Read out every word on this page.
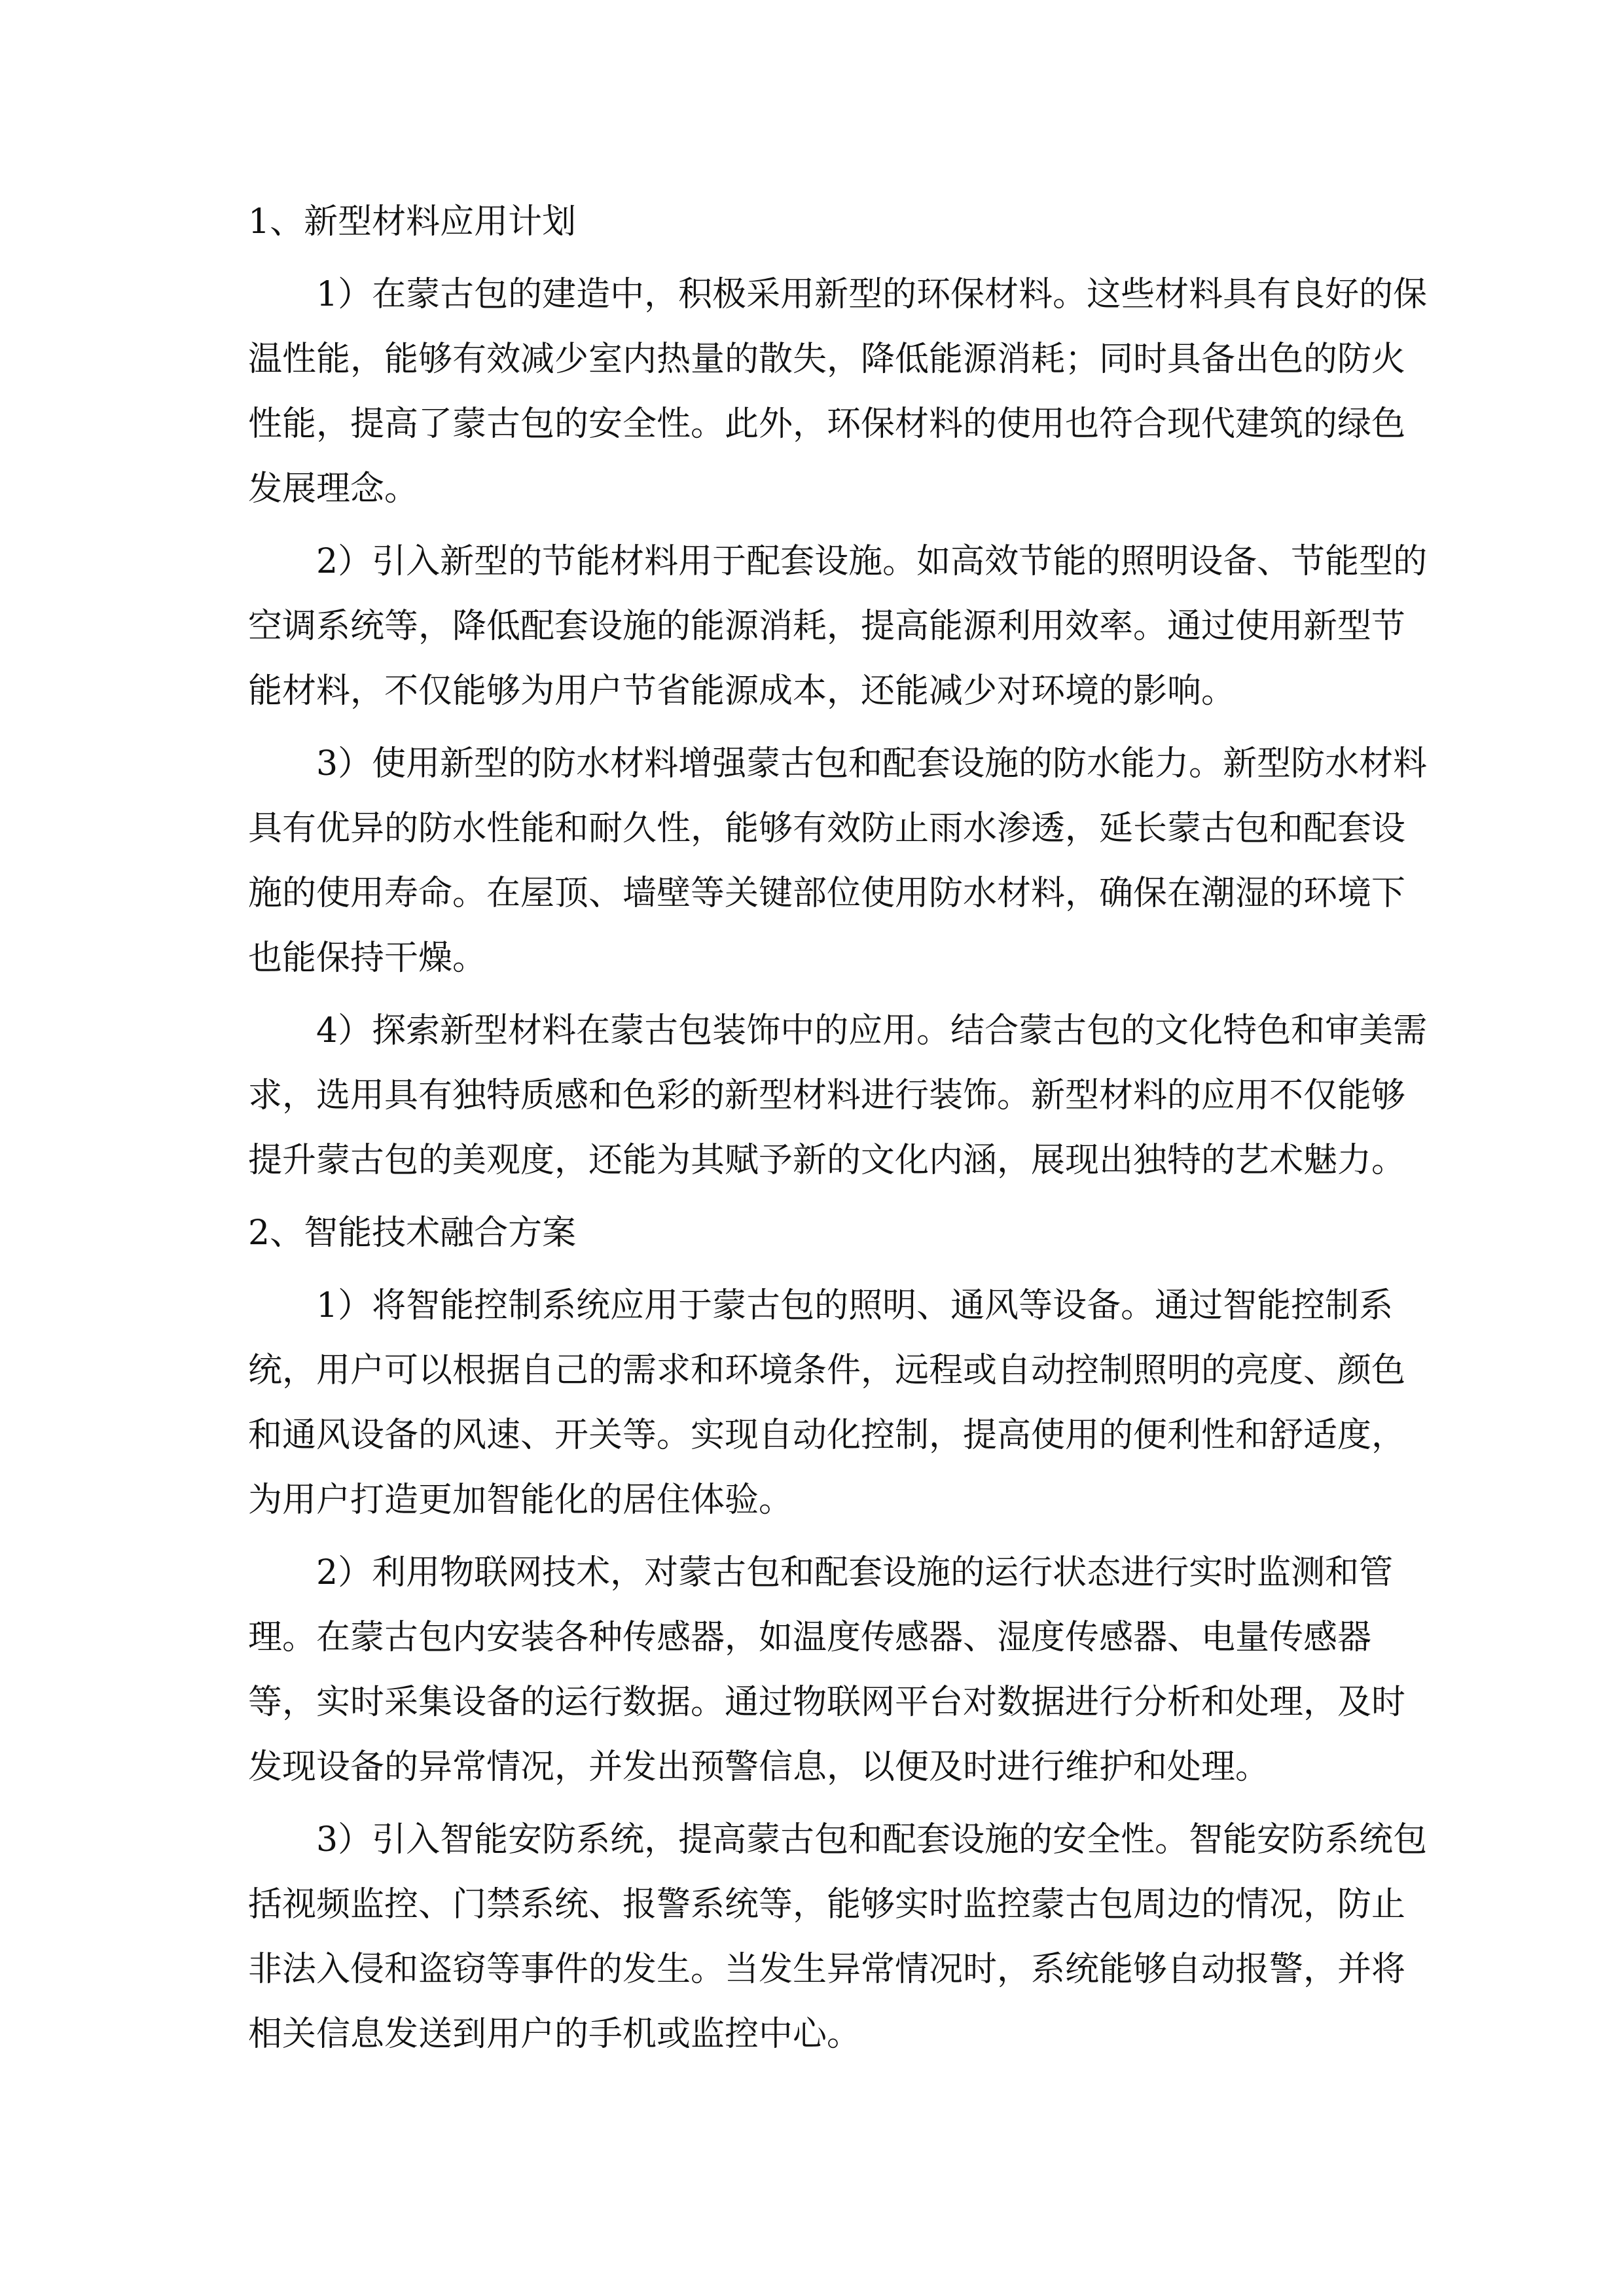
1、新型材料应用计划
1）在蒙古包的建造中，积极采用新型的环保材料。这些材料具有良好的保
温性能，能够有效减少室内热量的散失，降低能源消耗；同时具备出色的防火
性能，提高了蒙古包的安全性。此外，环保材料的使用也符合现代建筑的绿色
发展理念。
2）引入新型的节能材料用于配套设施。如高效节能的照明设备、节能型的
空调系统等，降低配套设施的能源消耗，提高能源利用效率。通过使用新型节
能材料，不仅能够为用户节省能源成本，还能减少对环境的影响。
3）使用新型的防水材料增强蒙古包和配套设施的防水能力。新型防水材料
具有优异的防水性能和耐久性，能够有效防止雨水渗透，延长蒙古包和配套设
施的使用寿命。在屋顶、墙壁等关键部位使用防水材料，确保在潮湿的环境下
也能保持干燥。
4）探索新型材料在蒙古包装饰中的应用。结合蒙古包的文化特色和审美需
求，选用具有独特质感和色彩的新型材料进行装饰。新型材料的应用不仅能够
提升蒙古包的美观度，还能为其赋予新的文化内涵，展现出独特的艺术魅力。
2、智能技术融合方案
1）将智能控制系统应用于蒙古包的照明、通风等设备。通过智能控制系
统，用户可以根据自己的需求和环境条件，远程或自动控制照明的亮度、颜色
和通风设备的风速、开关等。实现自动化控制，提高使用的便利性和舒适度，
为用户打造更加智能化的居住体验。
2）利用物联网技术，对蒙古包和配套设施的运行状态进行实时监测和管
理。在蒙古包内安装各种传感器，如温度传感器、湿度传感器、电量传感器
等，实时采集设备的运行数据。通过物联网平台对数据进行分析和处理，及时
发现设备的异常情况，并发出预警信息，以便及时进行维护和处理。
3）引入智能安防系统，提高蒙古包和配套设施的安全性。智能安防系统包
括视频监控、门禁系统、报警系统等，能够实时监控蒙古包周边的情况，防止
非法入侵和盗窃等事件的发生。当发生异常情况时，系统能够自动报警，并将
相关信息发送到用户的手机或监控中心。
